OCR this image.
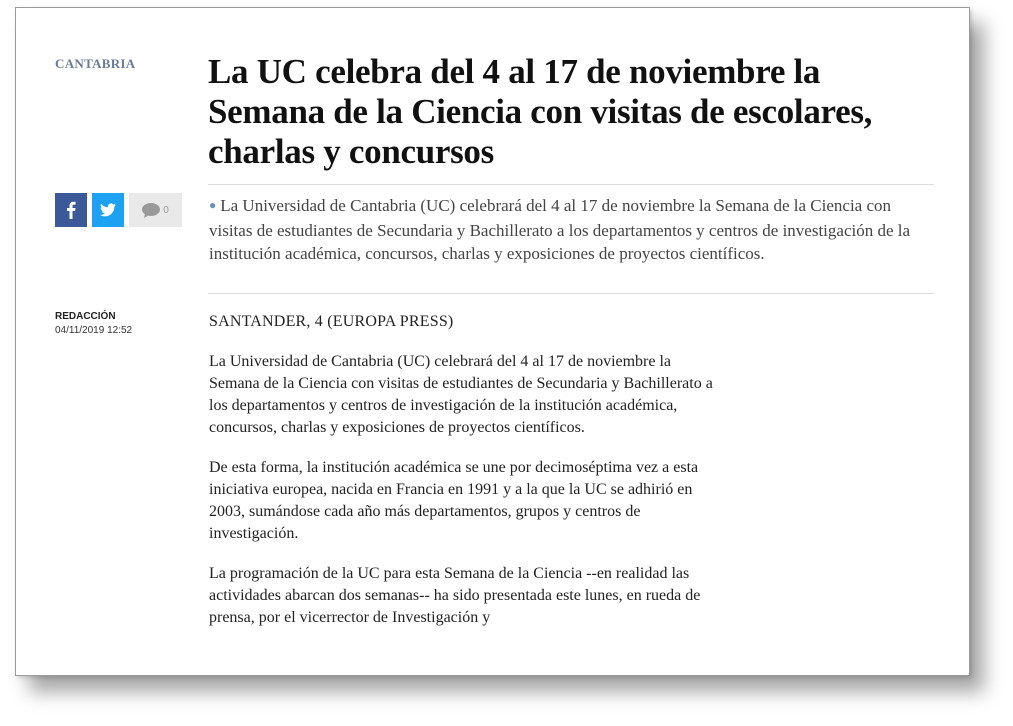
CANTABRIA La UC celebra del 4 al 17 de noviembre la Semana de la Ciencia con visitas de escolares, charlas y concursos
0	● La Universidad de Cantabria (UC) celebrará del 4 al 17 de noviembre la Semana de la Ciencia con visitas de estudiantes de Secundaria y Bachillerato a los departamentos y centros de investigación de la institución académica, concursos, charlas y exposiciones de proyectos científicos.

REDACCIÓN
04/11/2019 12:52
SANTANDER, 4 (EUROPA PRESS)

La Universidad de Cantabria (UC) celebrará del 4 al 17 de noviembre la Semana de la Ciencia con visitas de estudiantes de Secundaria y Bachillerato a los departamentos y centros de investigación de la institución académica, concursos, charlas y exposiciones de proyectos científicos.

De esta forma, la institución académica se une por decimoséptima vez a esta iniciativa europea, nacida en Francia en 1991 y a la que la UC se adhirió en 2003, sumándose cada año más departamentos, grupos y centros de investigación.

La programación de la UC para esta Semana de la Ciencia --en realidad las actividades abarcan dos semanas-- ha sido presentada este lunes, en rueda de prensa, por el vicerrector de Investigación y
